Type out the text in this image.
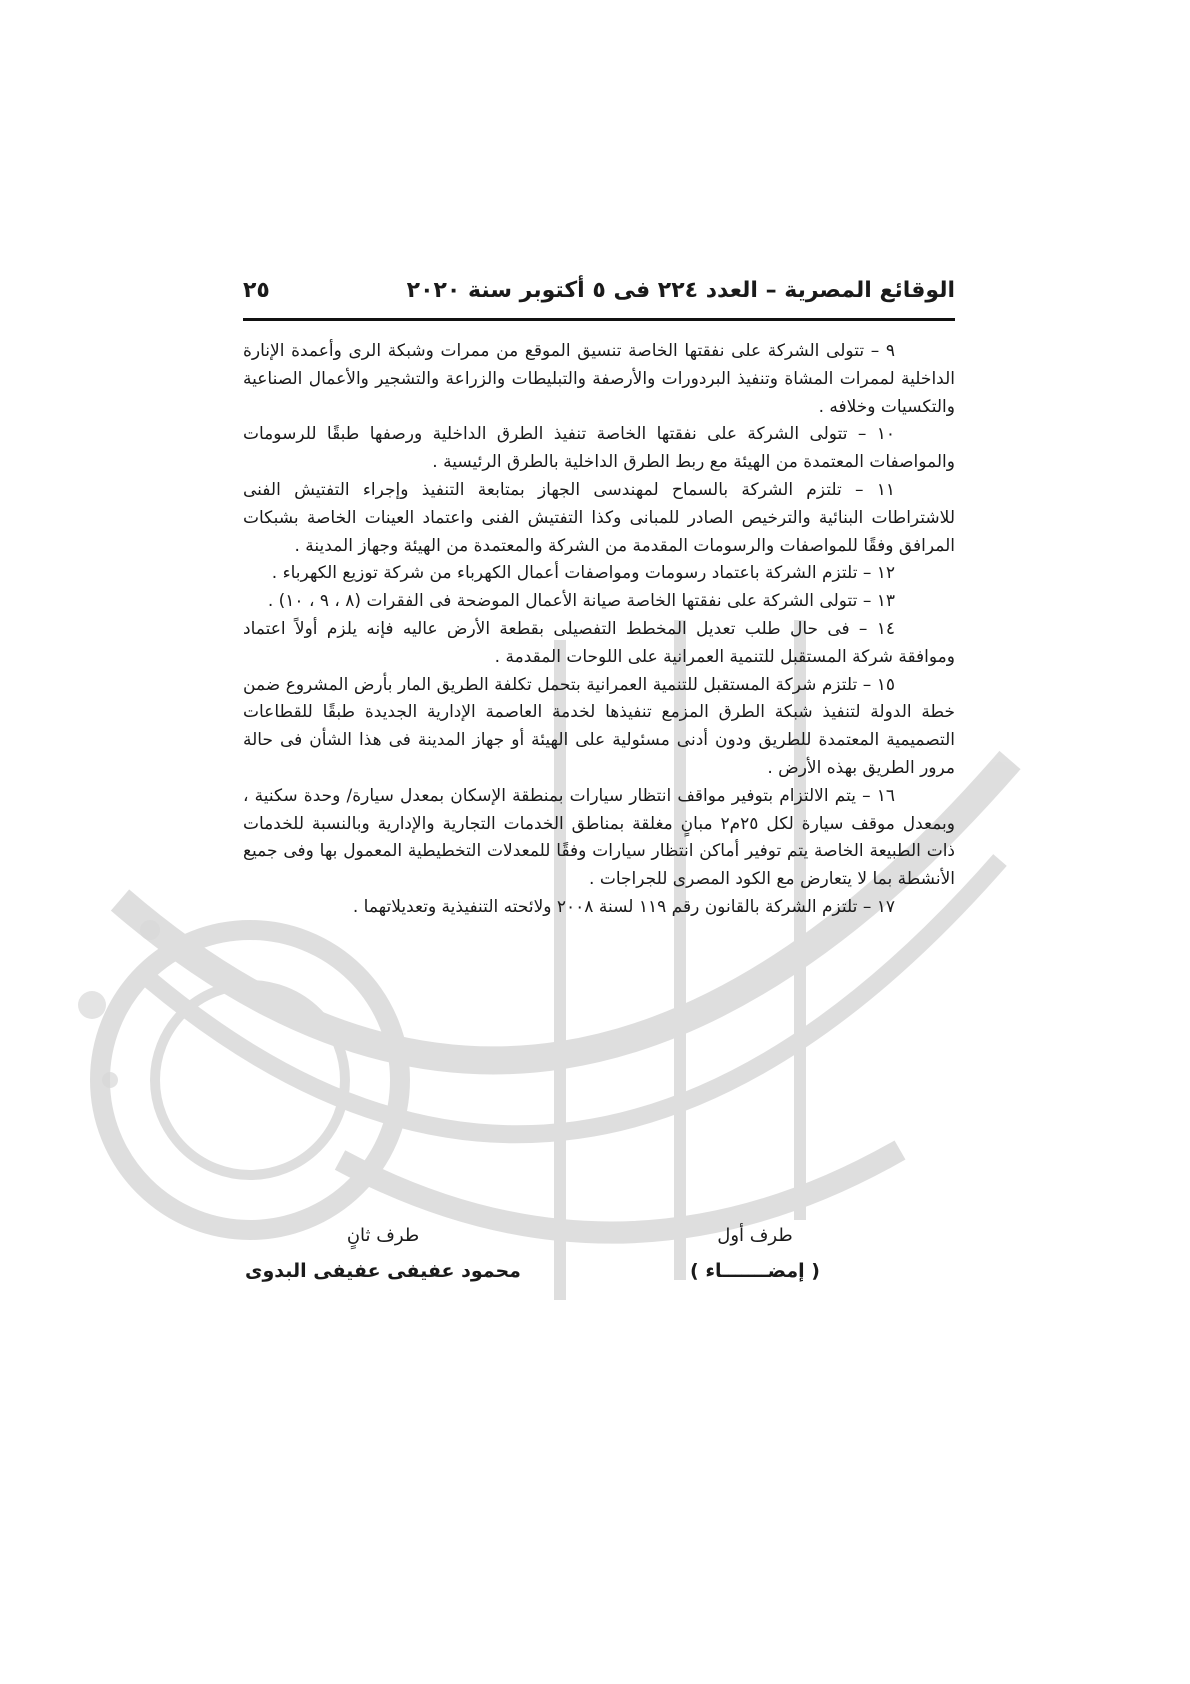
الوقائع المصرية – العدد ٢٢٤ فى ٥ أكتوبر سنة ٢٠٢٠
٢٥

٩ – تتولى الشركة على نفقتها الخاصة تنسيق الموقع من ممرات وشبكة الرى وأعمدة الإنارة الداخلية لممرات المشاة وتنفيذ البردورات والأرصفة والتبليطات والزراعة والتشجير والأعمال الصناعية والتكسيات وخلافه .

١٠ – تتولى الشركة على نفقتها الخاصة تنفيذ الطرق الداخلية ورصفها طبقًا للرسومات والمواصفات المعتمدة من الهيئة مع ربط الطرق الداخلية بالطرق الرئيسية .

١١ – تلتزم الشركة بالسماح لمهندسى الجهاز بمتابعة التنفيذ وإجراء التفتيش الفنى للاشتراطات البنائية والترخيص الصادر للمبانى وكذا التفتيش الفنى واعتماد العينات الخاصة بشبكات المرافق وفقًا للمواصفات والرسومات المقدمة من الشركة والمعتمدة من الهيئة وجهاز المدينة .

١٢ – تلتزم الشركة باعتماد رسومات ومواصفات أعمال الكهرباء من شركة توزيع الكهرباء .

١٣ – تتولى الشركة على نفقتها الخاصة صيانة الأعمال الموضحة فى الفقرات (٨ ، ٩ ، ١٠) .

١٤ – فى حال طلب تعديل المخطط التفصيلى بقطعة الأرض عاليه فإنه يلزم أولاً اعتماد وموافقة شركة المستقبل للتنمية العمرانية على اللوحات المقدمة .

١٥ – تلتزم شركة المستقبل للتنمية العمرانية بتحمل تكلفة الطريق المار بأرض المشروع ضمن خطة الدولة لتنفيذ شبكة الطرق المزمع تنفيذها لخدمة العاصمة الإدارية الجديدة طبقًا للقطاعات التصميمية المعتمدة للطريق ودون أدنى مسئولية على الهيئة أو جهاز المدينة فى هذا الشأن فى حالة مرور الطريق بهذه الأرض .

١٦ – يتم الالتزام بتوفير مواقف انتظار سيارات بمنطقة الإسكان بمعدل سيارة/ وحدة سكنية ، وبمعدل موقف سيارة لكل ٢٥م٢ مبانٍ مغلقة بمناطق الخدمات التجارية والإدارية وبالنسبة للخدمات ذات الطبيعة الخاصة يتم توفير أماكن انتظار سيارات وفقًا للمعدلات التخطيطية المعمول بها وفى جميع الأنشطة بما لا يتعارض مع الكود المصرى للجراجات .

١٧ – تلتزم الشركة بالقانون رقم ١١٩ لسنة ٢٠٠٨ ولائحته التنفيذية وتعديلاتهما .

طرف أول
( إمضـــــــاء )
طرف ثانٍ
محمود عفيفى عفيفى البدوى
